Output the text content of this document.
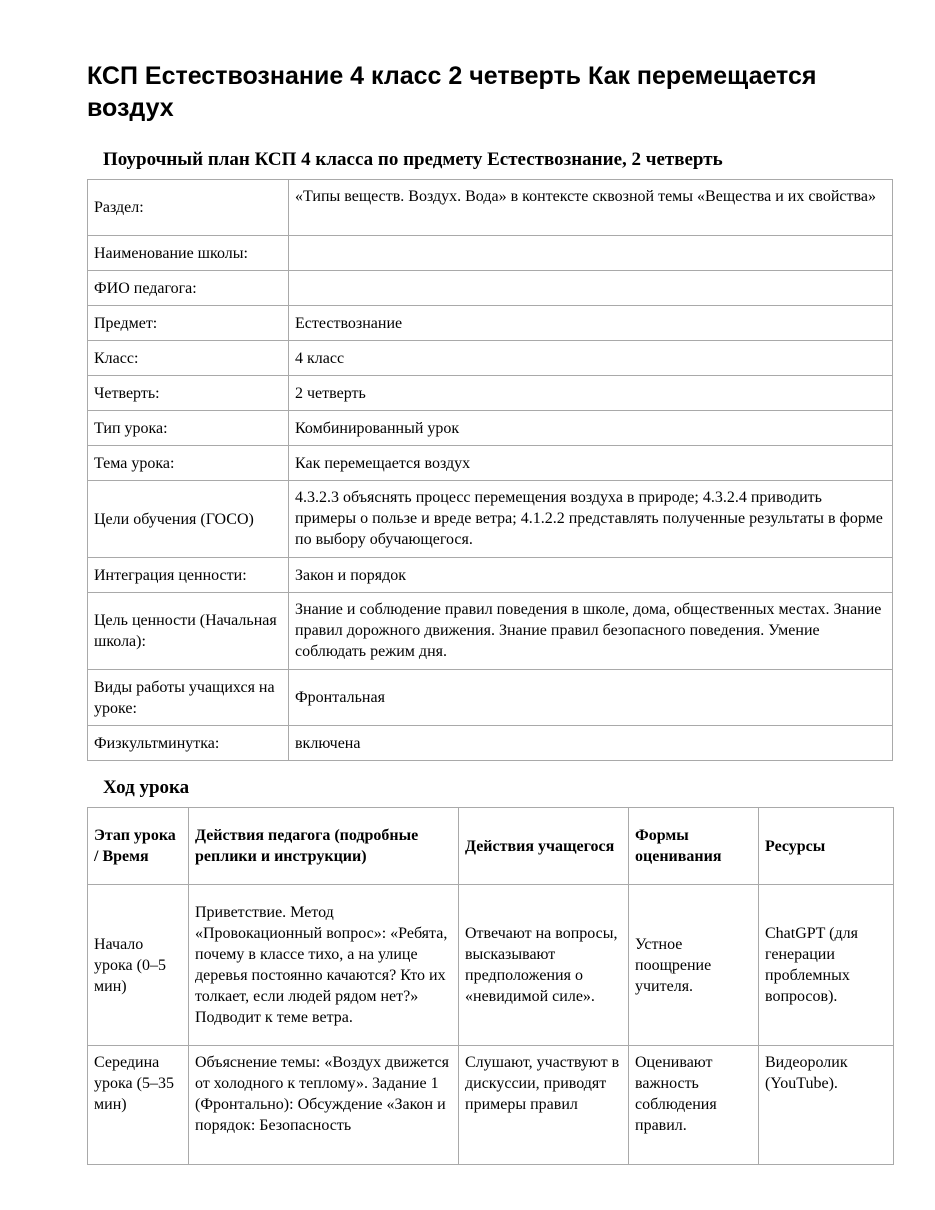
КСП Естествознание 4 класс 2 четверть Как перемещается воздух
Поурочный план КСП 4 класса по предмету Естествознание, 2 четверть
Раздел:	«Типы веществ. Воздух. Вода» в контексте сквозной темы «Вещества и их свойства»
Наименование школы:	
ФИО педагога:	
Предмет:	Естествознание
Класс:	4 класс
Четверть:	2 четверть
Тип урока:	Комбинированный урок
Тема урока:	Как перемещается воздух
Цели обучения (ГОСО)	4.3.2.3 объяснять процесс перемещения воздуха в природе; 4.3.2.4 приводить примеры о пользе и вреде ветра; 4.1.2.2 представлять полученные результаты в форме по выбору обучающегося.
Интеграция ценности:	Закон и порядок
Цель ценности (Начальная школа):	Знание и соблюдение правил поведения в школе, дома, общественных местах. Знание правил дорожного движения. Знание правил безопасного поведения. Умение соблюдать режим дня.
Виды работы учащихся на уроке:	Фронтальная
Физкультминутка:	включена
Ход урока
Этап урока / Время	Действия педагога (подробные реплики и инструкции)	Действия учащегося	Формы оценивания	Ресурсы
Начало урока (0–5 мин)	Приветствие. Метод «Провокационный вопрос»: «Ребята, почему в классе тихо, а на улице деревья постоянно качаются? Кто их толкает, если людей рядом нет?» Подводит к теме ветра.	Отвечают на вопросы, высказывают предположения о «невидимой силе».	Устное поощрение учителя.	ChatGPT (для генерации проблемных вопросов).
Середина урока (5–35 мин)	Объяснение темы: «Воздух движется от холодного к теплому». Задание 1 (Фронтально): Обсуждение «Закон и порядок: Безопасность	Слушают, участвуют в дискуссии, приводят примеры правил	Оценивают важность соблюдения правил.	Видеоролик (YouTube).
